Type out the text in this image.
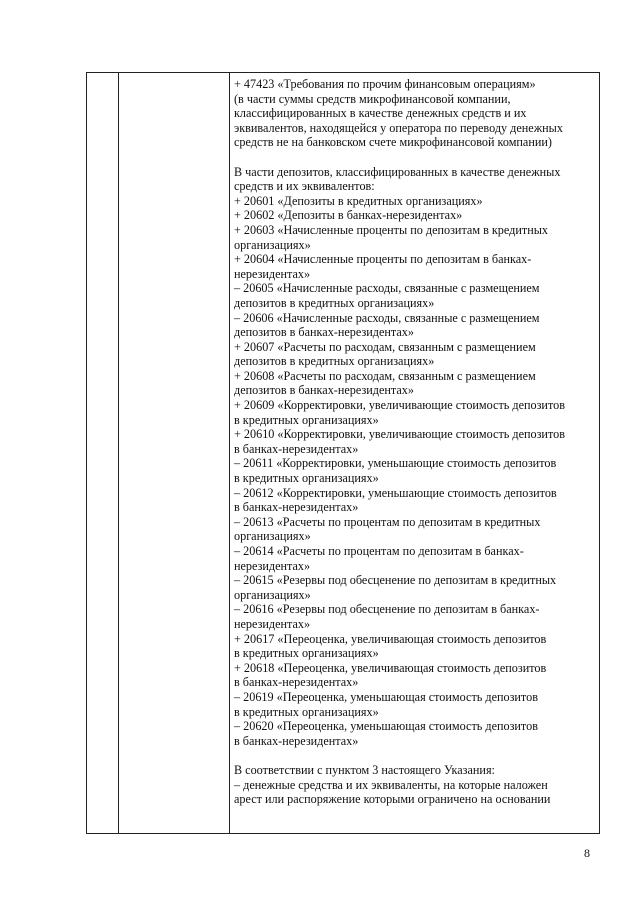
+ 47423 «Требования по прочим финансовым операциям»
(в части суммы средств микрофинансовой компании,
классифицированных в качестве денежных средств и их
эквивалентов, находящейся у оператора по переводу денежных
средств не на банковском счете микрофинансовой компании)
В части депозитов, классифицированных в качестве денежных
средств и их эквивалентов:
+ 20601 «Депозиты в кредитных организациях»
+ 20602 «Депозиты в банках-нерезидентах»
+ 20603 «Начисленные проценты по депозитам в кредитных
организациях»
+ 20604 «Начисленные проценты по депозитам в банках-
нерезидентах»
– 20605 «Начисленные расходы, связанные с размещением
депозитов в кредитных организациях»
– 20606 «Начисленные расходы, связанные с размещением
депозитов в банках-нерезидентах»
+ 20607 «Расчеты по расходам, связанным с размещением
депозитов в кредитных организациях»
+ 20608 «Расчеты по расходам, связанным с размещением
депозитов в банках-нерезидентах»
+ 20609 «Корректировки, увеличивающие стоимость депозитов
в кредитных организациях»
+ 20610 «Корректировки, увеличивающие стоимость депозитов
в банках-нерезидентах»
– 20611 «Корректировки, уменьшающие стоимость депозитов
в кредитных организациях»
– 20612 «Корректировки, уменьшающие стоимость депозитов
в банках-нерезидентах»
– 20613 «Расчеты по процентам по депозитам в кредитных
организациях»
– 20614 «Расчеты по процентам по депозитам в банках-
нерезидентах»
– 20615 «Резервы под обесценение по депозитам в кредитных
организациях»
– 20616 «Резервы под обесценение по депозитам в банках-
нерезидентах»
+ 20617 «Переоценка, увеличивающая стоимость депозитов
в кредитных организациях»
+ 20618 «Переоценка, увеличивающая стоимость депозитов
в банках-нерезидентах»
– 20619 «Переоценка, уменьшающая стоимость депозитов
в кредитных организациях»
– 20620 «Переоценка, уменьшающая стоимость депозитов
в банках-нерезидентах»
В соответствии с пунктом 3 настоящего Указания:
– денежные средства и их эквиваленты, на которые наложен
арест или распоряжение которыми ограничено на основании
8
